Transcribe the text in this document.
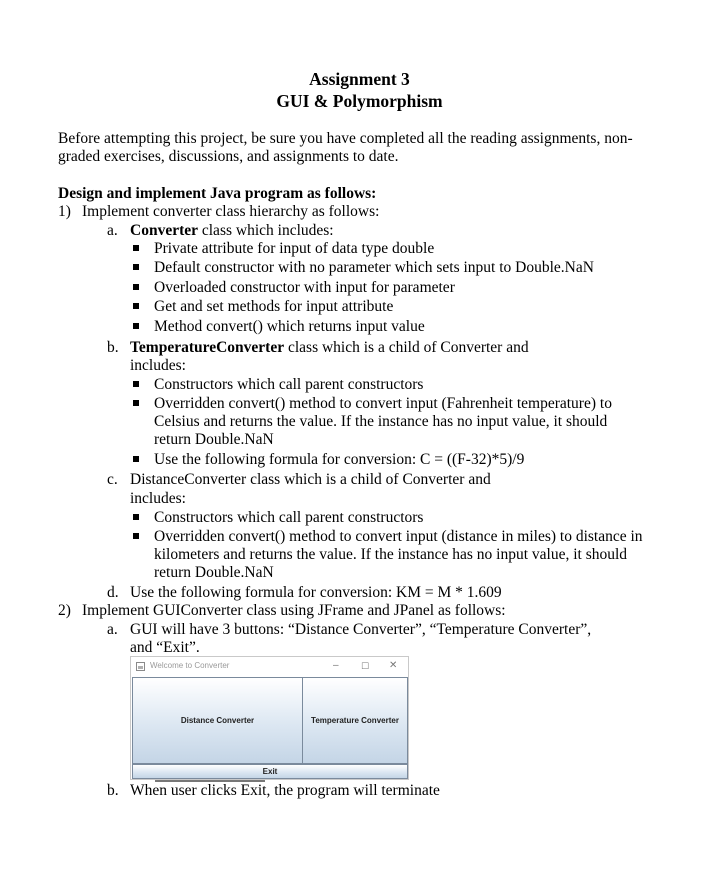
Assignment 3
GUI & Polymorphism
Before attempting this project, be sure you have completed all the reading assignments, non-
graded exercises, discussions, and assignments to date.
Design and implement Java program as follows:
1) Implement converter class hierarchy as follows:
a. Converter class which includes:
Private attribute for input of data type double
Default constructor with no parameter which sets input to Double.NaN
Overloaded constructor with input for parameter
Get and set methods for input attribute
Method convert() which returns input value
b. TemperatureConverter class which is a child of Converter and
includes:
Constructors which call parent constructors
Overridden convert() method to convert input (Fahrenheit temperature) to
Celsius and returns the value. If the instance has no input value, it should
return Double.NaN
Use the following formula for conversion: C = ((F-32)*5)/9
c. DistanceConverter class which is a child of Converter and
includes:
Constructors which call parent constructors
Overridden convert() method to convert input (distance in miles) to distance in
kilometers and returns the value. If the instance has no input value, it should
return Double.NaN
d. Use the following formula for conversion: KM = M * 1.609
2) Implement GUIConverter class using JFrame and JPanel as follows:
a. GUI will have 3 buttons: “Distance Converter”, “Temperature Converter”,
and “Exit”.
Welcome to Converter	– ☐ ✕
Distance Converter	Temperature Converter
Exit
b. When user clicks Exit, the program will terminate
